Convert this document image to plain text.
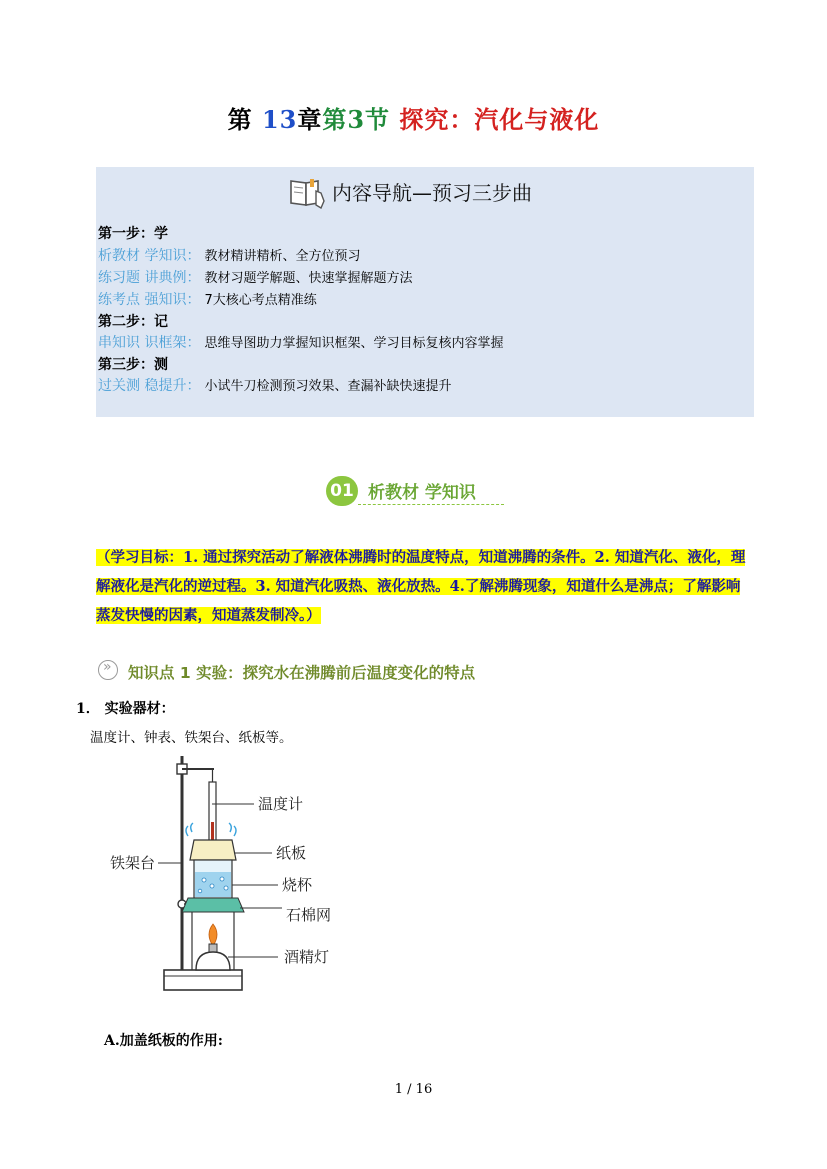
第 13章第3节 探究：汽化与液化
内容导航—预习三步曲
第一步：学
析教材 学知识： 教材精讲精析、全方位预习
练习题 讲典例： 教材习题学解题、快速掌握解题方法
练考点 强知识： 7大核心考点精准练
第二步：记
串知识 识框架： 思维导图助力掌握知识框架、学习目标复核内容掌握
第三步：测
过关测 稳提升： 小试牛刀检测预习效果、查漏补缺快速提升
01 析教材 学知识
（学习目标：1. 通过探究活动了解液体沸腾时的温度特点，知道沸腾的条件。2. 知道汽化、液化，理解液化是汽化的逆过程。3. 知道汽化吸热、液化放热。4.了解沸腾现象，知道什么是沸点；了解影响蒸发快慢的因素，知道蒸发制冷。）
»
知识点 1 实验：探究水在沸腾前后温度变化的特点
1． 实验器材：
温度计、钟表、铁架台、纸板等。
温度计
铁架台
纸板
烧杯
石棉网
酒精灯
A.加盖纸板的作用:
1 / 16
